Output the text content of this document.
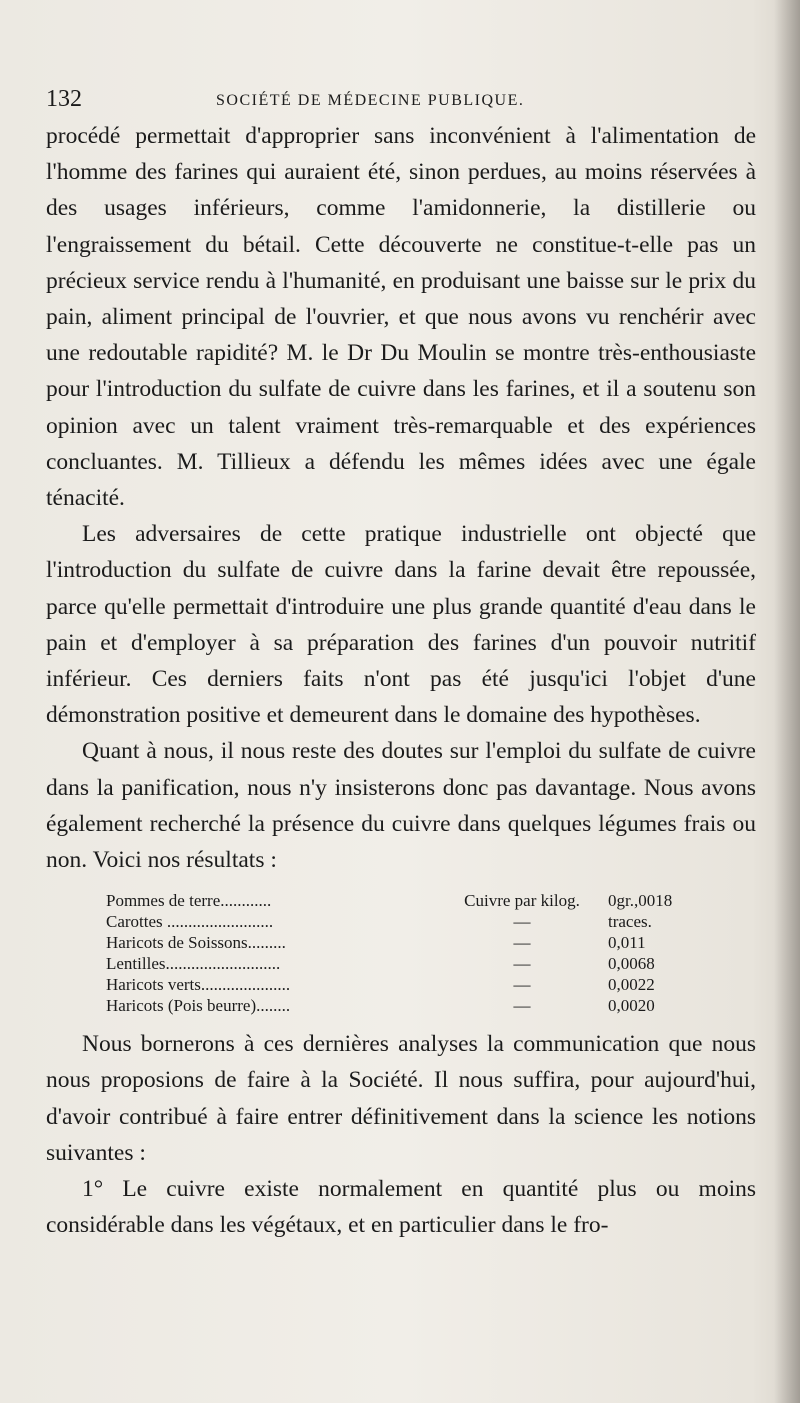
132	SOCIÉTÉ DE MÉDECINE PUBLIQUE.

procédé permettait d'approprier sans inconvénient à l'alimentation de l'homme des farines qui auraient été, sinon perdues, au moins réservées à des usages inférieurs, comme l'amidonnerie, la distillerie ou l'engraissement du bétail. Cette découverte ne constitue-t-elle pas un précieux service rendu à l'humanité, en produisant une baisse sur le prix du pain, aliment principal de l'ouvrier, et que nous avons vu renchérir avec une redoutable rapidité? M. le Dr Du Moulin se montre très-enthousiaste pour l'introduction du sulfate de cuivre dans les farines, et il a soutenu son opinion avec un talent vraiment très-remarquable et des expériences concluantes. M. Tillieux a défendu les mêmes idées avec une égale ténacité.

Les adversaires de cette pratique industrielle ont objecté que l'introduction du sulfate de cuivre dans la farine devait être repoussée, parce qu'elle permettait d'introduire une plus grande quantité d'eau dans le pain et d'employer à sa préparation des farines d'un pouvoir nutritif inférieur. Ces derniers faits n'ont pas été jusqu'ici l'objet d'une démonstration positive et demeurent dans le domaine des hypothèses.

Quant à nous, il nous reste des doutes sur l'emploi du sulfate de cuivre dans la panification, nous n'y insisterons donc pas davantage. Nous avons également recherché la présence du cuivre dans quelques légumes frais ou non. Voici nos résultats :

Pommes de terre............	Cuivre par kilog.	0gr.,0018
Carottes .........................	—	traces.
Haricots de Soissons.........	—	0,011
Lentilles...........................	—	0,0068
Haricots verts.....................	—	0,0022
Haricots (Pois beurre)........	—	0,0020

Nous bornerons à ces dernières analyses la communication que nous nous proposions de faire à la Société. Il nous suffira, pour aujourd'hui, d'avoir contribué à faire entrer définitivement dans la science les notions suivantes :

1° Le cuivre existe normalement en quantité plus ou moins considérable dans les végétaux, et en particulier dans le fro-
